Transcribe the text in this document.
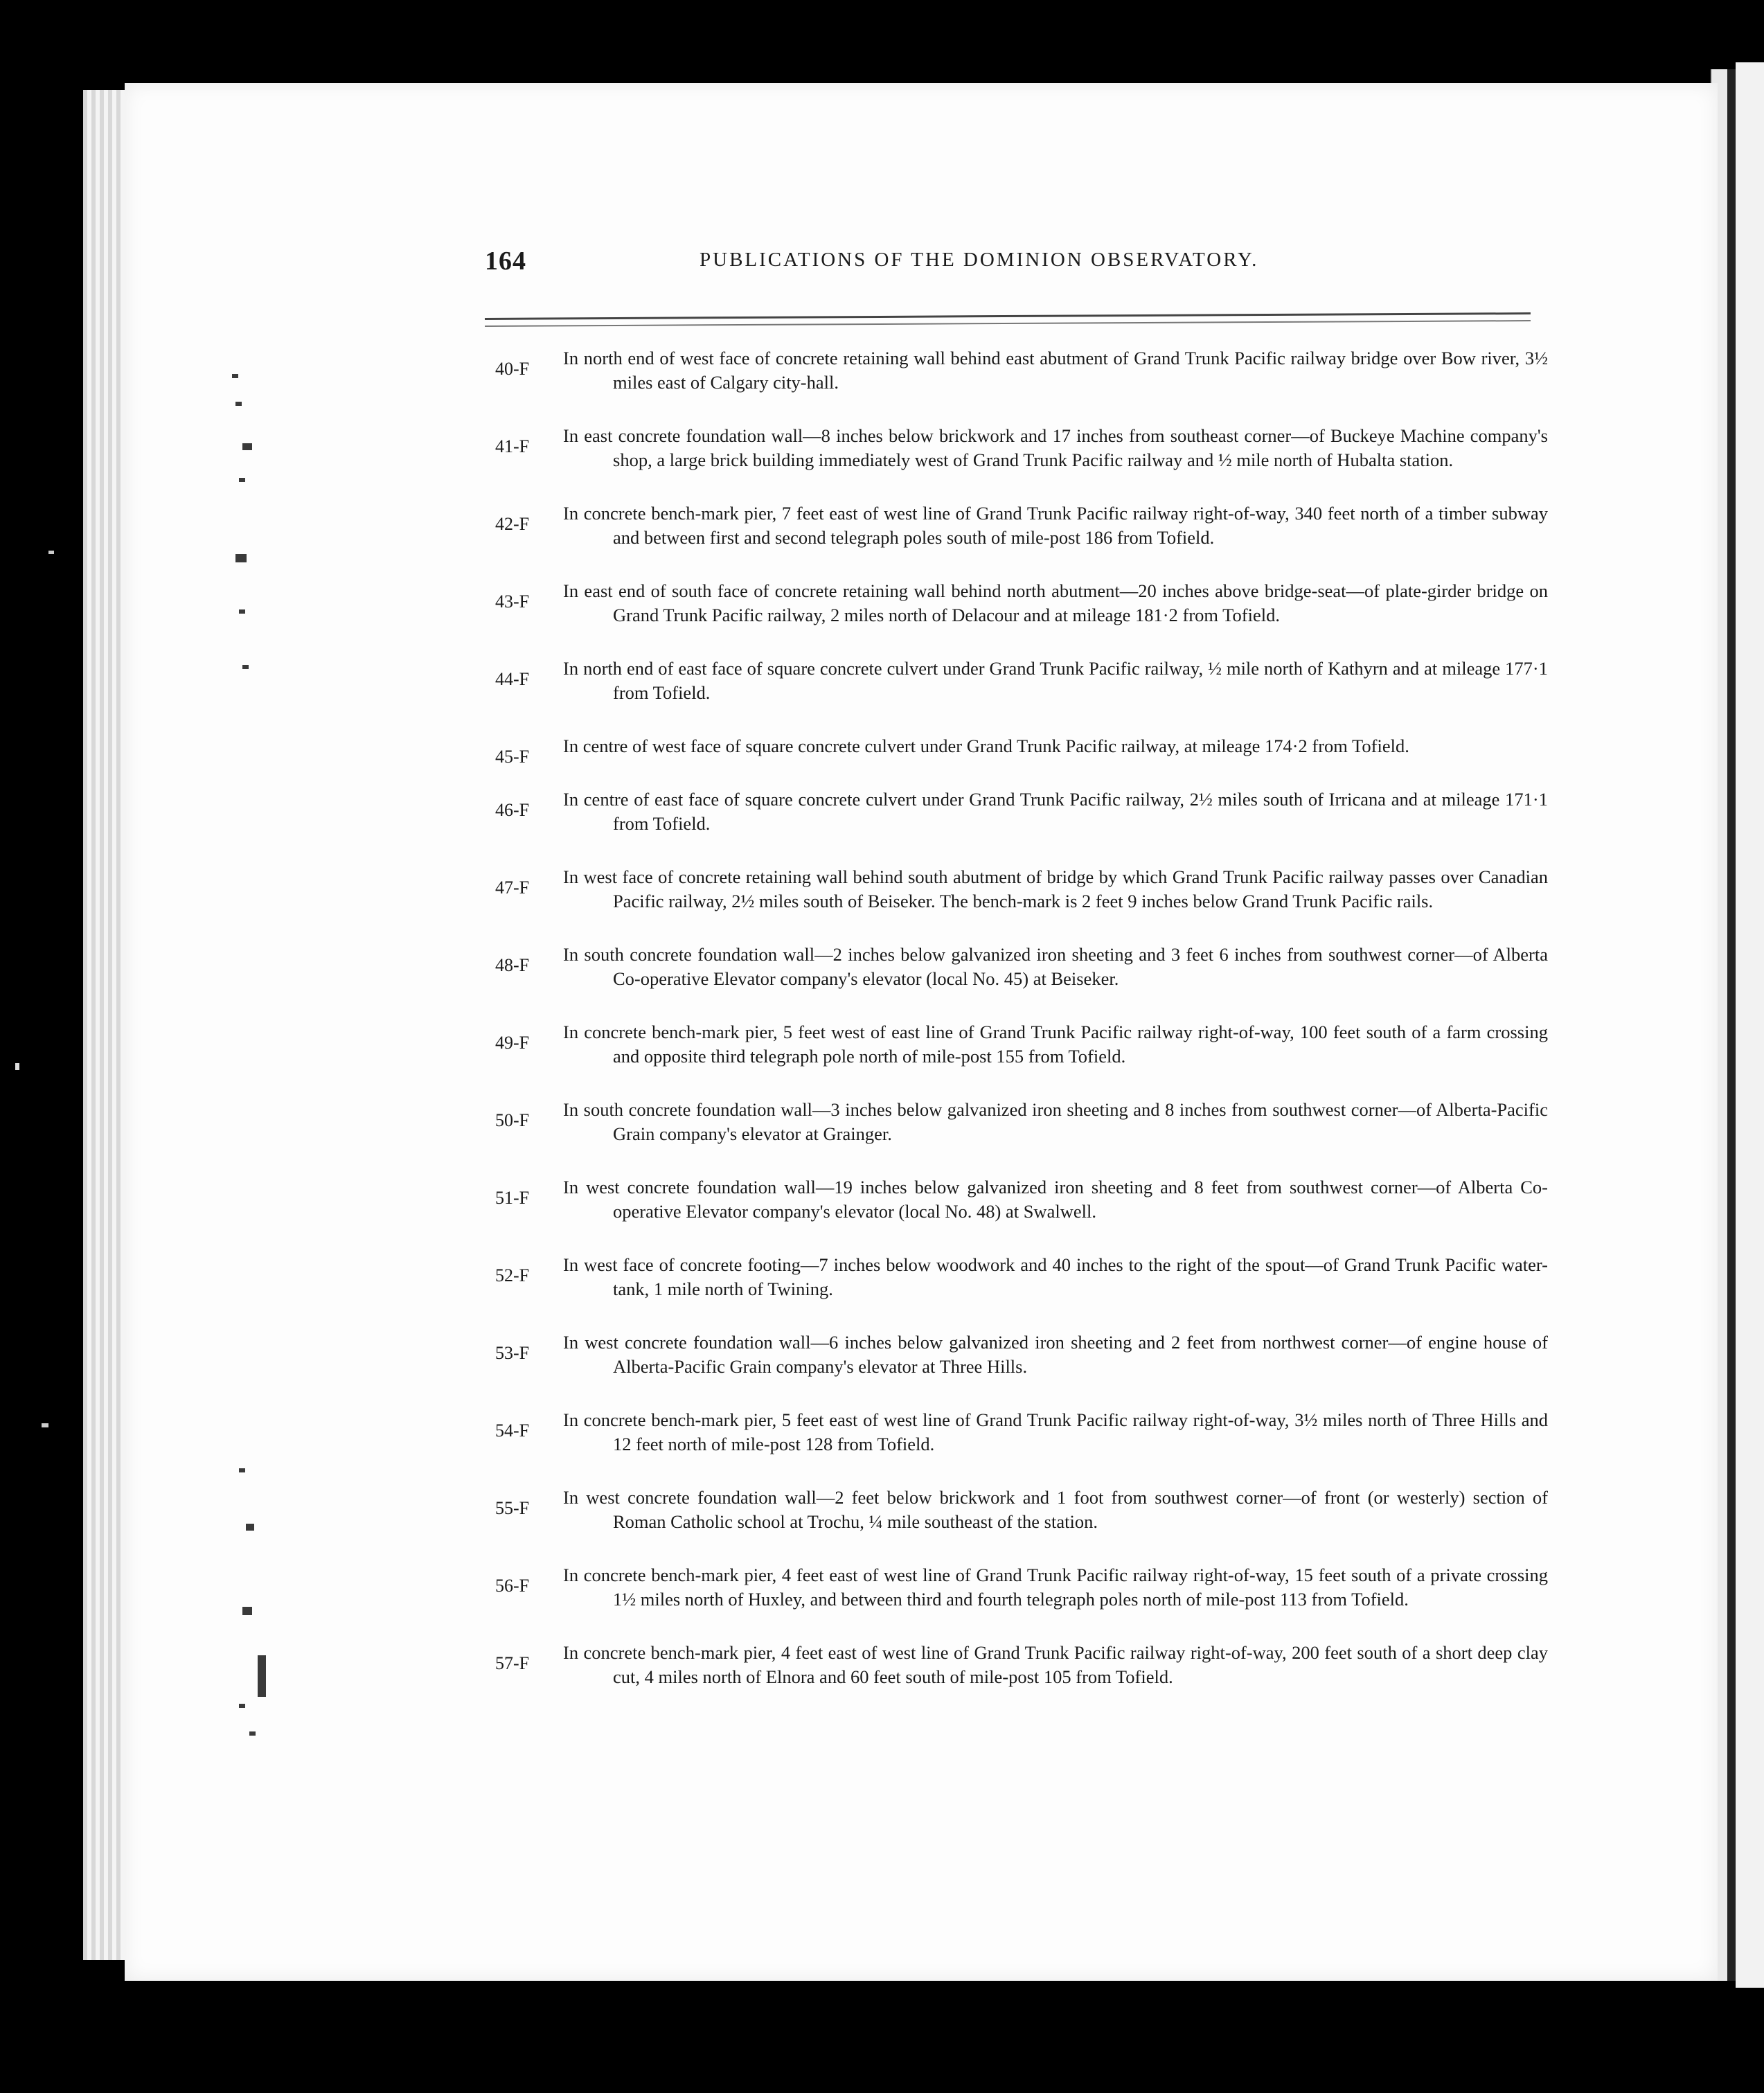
164	PUBLICATIONS OF THE DOMINION OBSERVATORY.
40-F
In north end of west face of concrete retaining wall behind east abutment of Grand Trunk Pacific railway bridge over Bow river, 3½ miles east of Calgary city-hall.
41-F
In east concrete foundation wall—8 inches below brickwork and 17 inches from southeast corner—of Buckeye Machine company's shop, a large brick building immediately west of Grand Trunk Pacific railway and ½ mile north of Hubalta station.
42-F
In concrete bench-mark pier, 7 feet east of west line of Grand Trunk Pacific railway right-of-way, 340 feet north of a timber subway and between first and second telegraph poles south of mile-post 186 from Tofield.
43-F
In east end of south face of concrete retaining wall behind north abutment—20 inches above bridge-seat—of plate-girder bridge on Grand Trunk Pacific railway, 2 miles north of Delacour and at mileage 181·2 from Tofield.
44-F
In north end of east face of square concrete culvert under Grand Trunk Pacific railway, ½ mile north of Kathyrn and at mileage 177·1 from Tofield.
45-F
In centre of west face of square concrete culvert under Grand Trunk Pacific railway, at mileage 174·2 from Tofield.
46-F
In centre of east face of square concrete culvert under Grand Trunk Pacific railway, 2½ miles south of Irricana and at mileage 171·1 from Tofield.
47-F
In west face of concrete retaining wall behind south abutment of bridge by which Grand Trunk Pacific railway passes over Canadian Pacific railway, 2½ miles south of Beiseker. The bench-mark is 2 feet 9 inches below Grand Trunk Pacific rails.
48-F
In south concrete foundation wall—2 inches below galvanized iron sheeting and 3 feet 6 inches from southwest corner—of Alberta Co-operative Elevator company's elevator (local No. 45) at Beiseker.
49-F
In concrete bench-mark pier, 5 feet west of east line of Grand Trunk Pacific railway right-of-way, 100 feet south of a farm crossing and opposite third telegraph pole north of mile-post 155 from Tofield.
50-F
In south concrete foundation wall—3 inches below galvanized iron sheeting and 8 inches from southwest corner—of Alberta-Pacific Grain company's elevator at Grainger.
51-F
In west concrete foundation wall—19 inches below galvanized iron sheeting and 8 feet from southwest corner—of Alberta Co-operative Elevator company's elevator (local No. 48) at Swalwell.
52-F
In west face of concrete footing—7 inches below woodwork and 40 inches to the right of the spout—of Grand Trunk Pacific water-tank, 1 mile north of Twining.
53-F
In west concrete foundation wall—6 inches below galvanized iron sheeting and 2 feet from northwest corner—of engine house of Alberta-Pacific Grain company's elevator at Three Hills.
54-F
In concrete bench-mark pier, 5 feet east of west line of Grand Trunk Pacific railway right-of-way, 3½ miles north of Three Hills and 12 feet north of mile-post 128 from Tofield.
55-F
In west concrete foundation wall—2 feet below brickwork and 1 foot from southwest corner—of front (or westerly) section of Roman Catholic school at Trochu, ¼ mile southeast of the station.
56-F
In concrete bench-mark pier, 4 feet east of west line of Grand Trunk Pacific railway right-of-way, 15 feet south of a private crossing 1½ miles north of Huxley, and between third and fourth telegraph poles north of mile-post 113 from Tofield.
57-F
In concrete bench-mark pier, 4 feet east of west line of Grand Trunk Pacific railway right-of-way, 200 feet south of a short deep clay cut, 4 miles north of Elnora and 60 feet south of mile-post 105 from Tofield.
